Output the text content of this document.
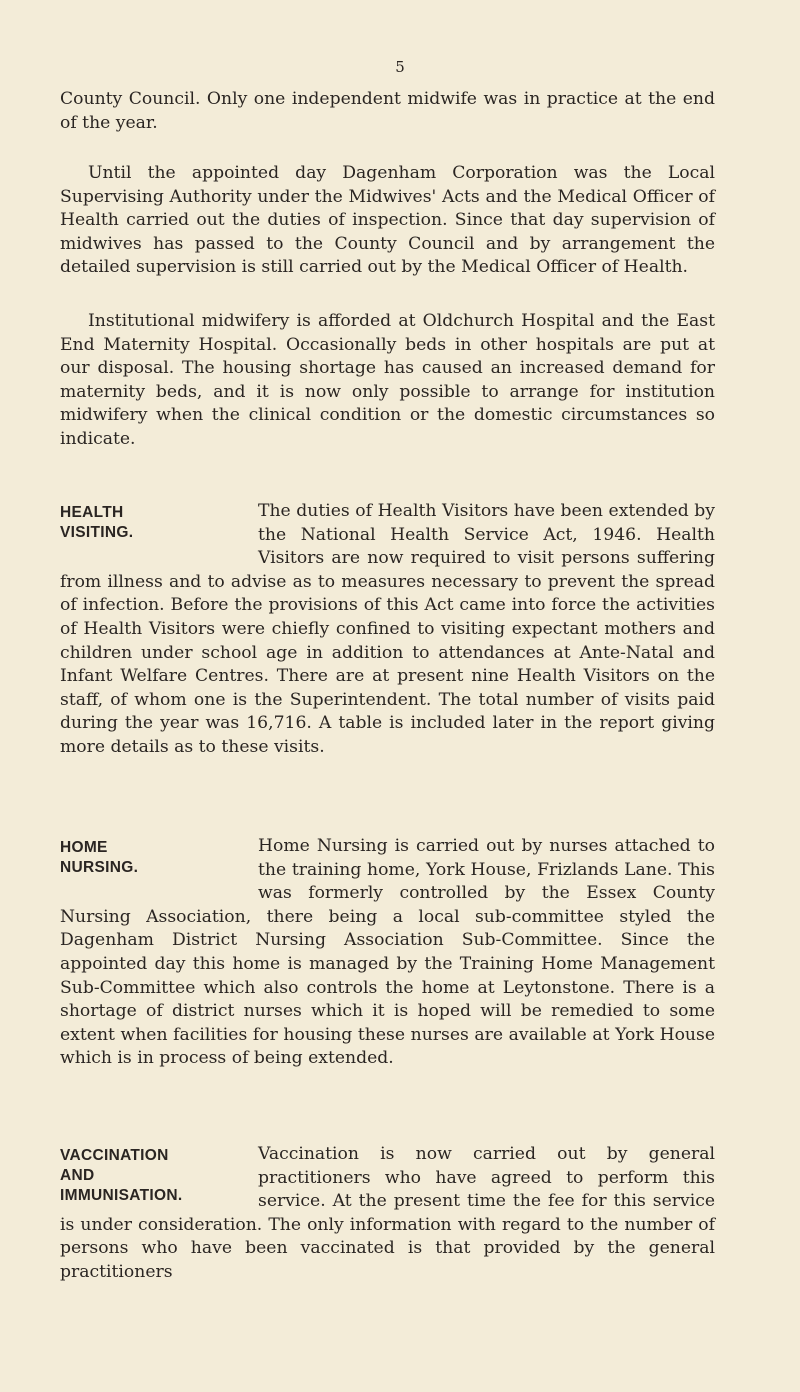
5

County Council. Only one independent midwife was in practice at the end of the year.

Until the appointed day Dagenham Corporation was the Local Supervising Authority under the Midwives' Acts and the Medical Officer of Health carried out the duties of inspection. Since that day supervision of midwives has passed to the County Council and by arrangement the detailed supervision is still carried out by the Medical Officer of Health.

Institutional midwifery is afforded at Oldchurch Hospital and the East End Maternity Hospital. Occasionally beds in other hospitals are put at our disposal. The housing shortage has caused an increased demand for maternity beds, and it is now only possible to arrange for institution midwifery when the clinical condition or the domestic circumstances so indicate.

HEALTH
VISITING.

The duties of Health Visitors have been extended by the National Health Service Act, 1946. Health Visitors are now required to visit persons suffering from illness and to advise as to measures necessary to prevent the spread of infection. Before the provisions of this Act came into force the activities of Health Visitors were chiefly confined to visiting expectant mothers and children under school age in addition to attendances at Ante-Natal and Infant Welfare Centres. There are at present nine Health Visitors on the staff, of whom one is the Superintendent. The total number of visits paid during the year was 16,716. A table is included later in the report giving more details as to these visits.

HOME
NURSING.

Home Nursing is carried out by nurses attached to the training home, York House, Frizlands Lane. This was formerly controlled by the Essex County Nursing Association, there being a local sub-committee styled the Dagenham District Nursing Association Sub-Committee. Since the appointed day this home is managed by the Training Home Management Sub-Committee which also controls the home at Leytonstone. There is a shortage of district nurses which it is hoped will be remedied to some extent when facilities for housing these nurses are available at York House which is in process of being extended.

VACCINATION
AND
IMMUNISATION.

Vaccination is now carried out by general practitioners who have agreed to perform this service. At the present time the fee for this service is under consideration. The only information with regard to the number of persons who have been vaccinated is that provided by the general practitioners
